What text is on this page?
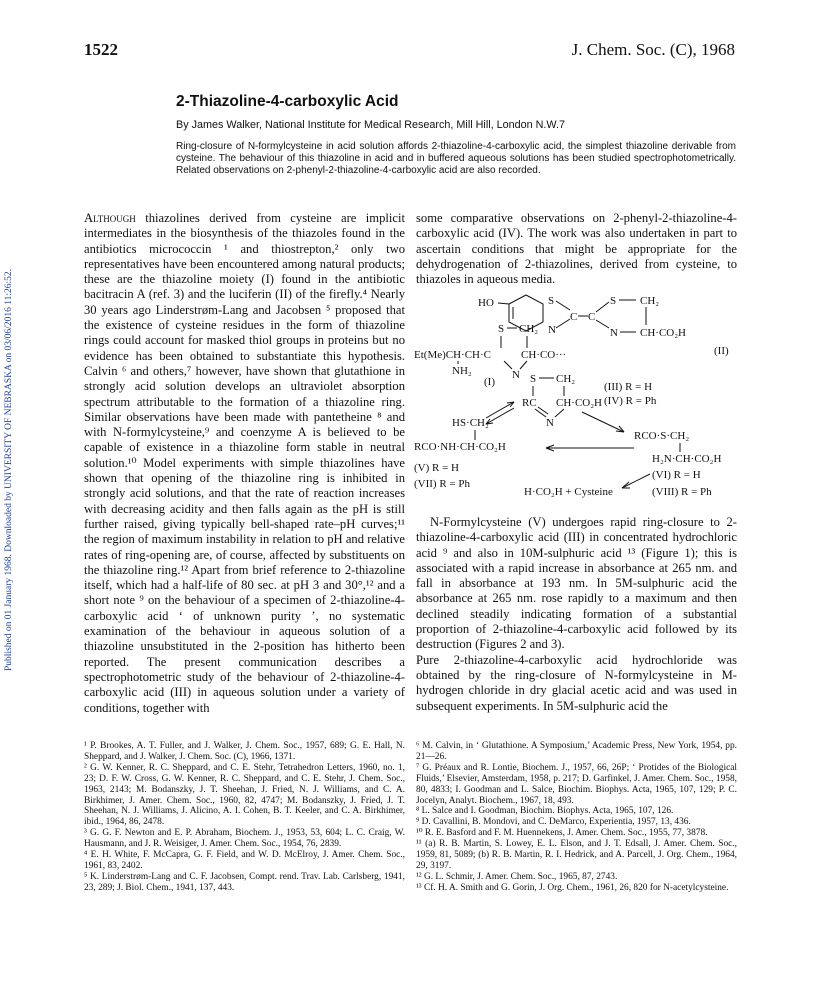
Published on 01 January 1968. Downloaded by UNIVERSITY OF NEBRASKA on 03/06/2016 11:26:52.
1522	J. Chem. Soc. (C), 1968
2-Thiazoline-4-carboxylic Acid
By James Walker, National Institute for Medical Research, Mill Hill, London N.W.7

Ring-closure of N-formylcysteine in acid solution affords 2-thiazoline-4-carboxylic acid, the simplest thiazoline derivable from cysteine. The behaviour of this thiazoline in acid and in buffered aqueous solutions has been studied spectrophotometrically. Related observations on 2-phenyl-2-thiazoline-4-carboxylic acid are also recorded.

Although thiazolines derived from cysteine are implicit intermediates in the biosynthesis of the thiazoles found in the antibiotics micrococcin ¹ and thiostrepton,² only two representatives have been encountered among natural products; these are the thiazoline moiety (I) found in the antibiotic bacitracin A (ref. 3) and the luciferin (II) of the firefly.⁴ Nearly 30 years ago Linderstrøm-Lang and Jacobsen ⁵ proposed that the existence of cysteine residues in the form of thiazoline rings could account for masked thiol groups in proteins but no evidence has been obtained to substantiate this hypothesis. Calvin ⁶ and others,⁷ however, have shown that glutathione in strongly acid solution develops an ultraviolet absorption spectrum attributable to the formation of a thiazoline ring. Similar observations have been made with pantetheine ⁸ and with N-formylcysteine,⁹ and coenzyme A is believed to be capable of existence in a thiazoline form stable in neutral solution.¹⁰ Model experiments with simple thiazolines have shown that opening of the thiazoline ring is inhibited in strongly acid solutions, and that the rate of reaction increases with decreasing acidity and then falls again as the pH is still further raised, giving typically bell-shaped rate–pH curves;¹¹ the region of maximum instability in relation to pH and relative rates of ring-opening are, of course, affected by substituents on the thiazoline ring.¹² Apart from brief reference to 2-thiazoline itself, which had a half-life of 80 sec. at pH 3 and 30°,¹² and a short note ⁹ on the behaviour of a specimen of 2-thiazoline-4-carboxylic acid ‘ of unknown purity ’, no systematic examination of the behaviour in aqueous solution of a thiazoline unsubstituted in the 2-position has hitherto been reported. The present communication describes a spectrophotometric study of the behaviour of 2-thiazoline-4-carboxylic acid (III) in aqueous solution under a variety of conditions, together with

some comparative observations on 2-phenyl-2-thiazoline-4-carboxylic acid (IV). The work was also undertaken in part to ascertain conditions that might be appropriate for the dehydrogenation of 2-thiazolines, derived from cysteine, to thiazoles in aqueous media.

HO	S
N
C C
S CH₂
N CH·CO₂H
(II)
S CH₂
Et(Me)CH·CH·C	CH·CO···
NH₂	N
(I)	S CH₂
RC CH·CO₂H
N
(III) R = H
(IV) R = Ph
HS·CH₂
RCO·NH·CH·CO₂H
(V) R = H
(VII) R = Ph
RCO·S·CH₂
H₂N·CH·CO₂H
(VI) R = H
(VIII) R = Ph
H·CO₂H + Cysteine

N-Formylcysteine (V) undergoes rapid ring-closure to 2-thiazoline-4-carboxylic acid (III) in concentrated hydrochloric acid ⁹ and also in 10M-sulphuric acid ¹³ (Figure 1); this is associated with a rapid increase in absorbance at 265 nm. and fall in absorbance at 193 nm. In 5M-sulphuric acid the absorbance at 265 nm. rose rapidly to a maximum and then declined steadily indicating formation of a substantial proportion of 2-thiazoline-4-carboxylic acid followed by its destruction (Figures 2 and 3).

Pure 2-thiazoline-4-carboxylic acid hydrochloride was obtained by the ring-closure of N-formylcysteine in M-hydrogen chloride in dry glacial acetic acid and was used in subsequent experiments. In 5M-sulphuric acid the

¹ P. Brookes, A. T. Fuller, and J. Walker, J. Chem. Soc., 1957, 689; G. E. Hall, N. Sheppard, and J. Walker, J. Chem. Soc. (C), 1966, 1371.

² G. W. Kenner, R. C. Sheppard, and C. E. Stehr, Tetrahedron Letters, 1960, no. 1, 23; D. F. W. Cross, G. W. Kenner, R. C. Sheppard, and C. E. Stehr, J. Chem. Soc., 1963, 2143; M. Bodanszky, J. T. Sheehan, J. Fried, N. J. Williams, and C. A. Birkhimer, J. Amer. Chem. Soc., 1960, 82, 4747; M. Bodanszky, J. Fried, J. T. Sheehan, N. J. Williams, J. Alicino, A. I. Cohen, B. T. Keeler, and C. A. Birkhimer, ibid., 1964, 86, 2478.

³ G. G. F. Newton and E. P. Abraham, Biochem. J., 1953, 53, 604; L. C. Craig, W. Hausmann, and J. R. Weisiger, J. Amer. Chem. Soc., 1954, 76, 2839.

⁴ E. H. White, F. McCapra, G. F. Field, and W. D. McElroy, J. Amer. Chem. Soc., 1961, 83, 2402.

⁵ K. Linderstrøm-Lang and C. F. Jacobsen, Compt. rend. Trav. Lab. Carlsberg, 1941, 23, 289; J. Biol. Chem., 1941, 137, 443.

⁶ M. Calvin, in ‘ Glutathione. A Symposium,’ Academic Press, New York, 1954, pp. 21—26.

⁷ G. Préaux and R. Lontie, Biochem. J., 1957, 66, 26P; ‘ Protides of the Biological Fluids,’ Elsevier, Amsterdam, 1958, p. 217; D. Garfinkel, J. Amer. Chem. Soc., 1958, 80, 4833; I. Goodman and L. Salce, Biochim. Biophys. Acta, 1965, 107, 129; P. C. Jocelyn, Analyt. Biochem., 1967, 18, 493.

⁸ L. Salce and I. Goodman, Biochim. Biophys. Acta, 1965, 107, 126.

⁹ D. Cavallini, B. Mondovi, and C. DeMarco, Experientia, 1957, 13, 436.

¹⁰ R. E. Basford and F. M. Huennekens, J. Amer. Chem. Soc., 1955, 77, 3878.

¹¹ (a) R. B. Martin, S. Lowey, E. L. Elson, and J. T. Edsall, J. Amer. Chem. Soc., 1959, 81, 5089; (b) R. B. Martin, R. I. Hedrick, and A. Parcell, J. Org. Chem., 1964, 29, 3197.

¹² G. L. Schmir, J. Amer. Chem. Soc., 1965, 87, 2743.

¹³ Cf. H. A. Smith and G. Gorin, J. Org. Chem., 1961, 26, 820 for N-acetylcysteine.
